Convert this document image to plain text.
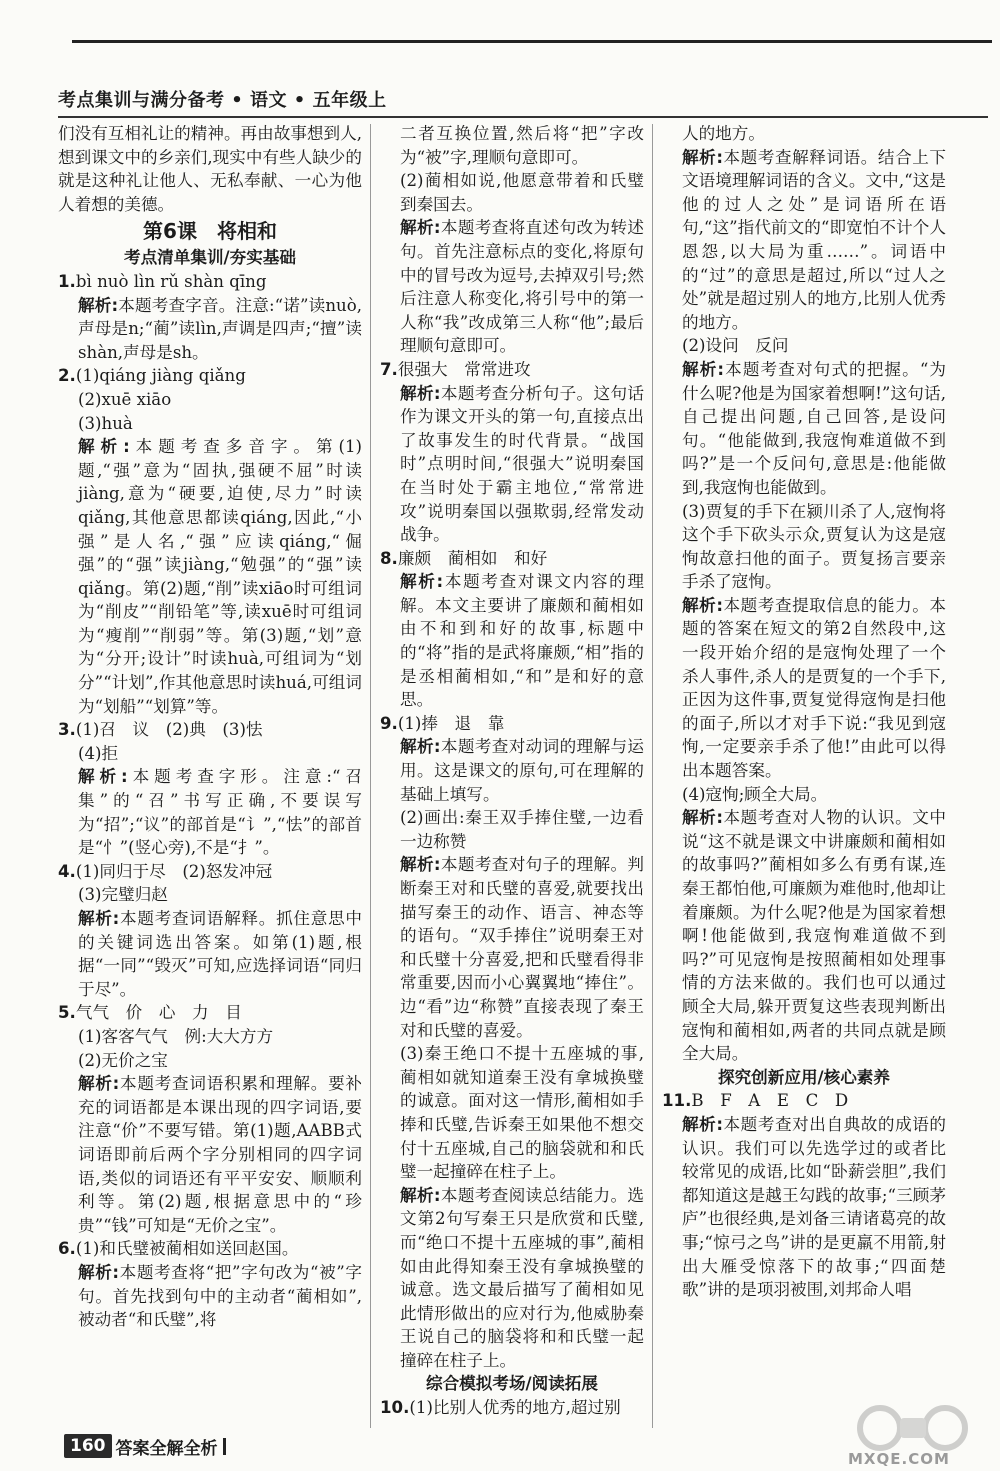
考点集训与满分备考 • 语文 • 五年级上

们没有互相礼让的精神。再由故事想到人,想到课文中的乡亲们,现实中有些人缺少的就是这种礼让他人、无私奉献、一心为他人着想的美德。

第6课　将相和

考点清单集训/夯实基础

1.bì nuò lìn rǔ shàn qīng

解析:本题考查字音。注意:“诺”读nuò,声母是n;“蔺”读lìn,声调是四声;“擅”读shàn,声母是sh。

2.(1)qiáng jiàng qiǎng

(2)xuē xiāo

(3)huà

解析:本题考查多音字。第(1)题,“强”意为“固执,强硬不屈”时读jiàng,意为“硬要,迫使,尽力”时读qiǎng,其他意思都读qiáng,因此,“小强”是人名,“强”应读qiáng,“倔强”的“强”读jiàng,“勉强”的“强”读qiǎng。第(2)题,“削”读xiāo时可组词为“削皮”“削铅笔”等,读xuē时可组词为“瘦削”“削弱”等。第(3)题,“划”意为“分开;设计”时读huà,可组词为“划分”“计划”,作其他意思时读huá,可组词为“划船”“划算”等。

3.(1)召　议　(2)典　(3)怯

(4)拒

解析:本题考查字形。注意:“召集”的“召”书写正确,不要误写为“招”;“议”的部首是“讠”,“怯”的部首是“忄”(竖心旁),不是“扌”。

4.(1)同归于尽　(2)怒发冲冠

(3)完璧归赵

解析:本题考查词语解释。抓住意思中的关键词选出答案。如第(1)题,根据“一同”“毁灭”可知,应选择词语“同归于尽”。

5.气气　价　心　力　目

(1)客客气气　例:大大方方

(2)无价之宝

解析:本题考查词语积累和理解。要补充的词语都是本课出现的四字词语,要注意“价”不要写错。第(1)题,AABB式词语即前后两个字分别相同的四字词语,类似的词语还有平平安安、顺顺利利等。第(2)题,根据意思中的“珍贵”“钱”可知是“无价之宝”。

6.(1)和氏璧被蔺相如送回赵国。

解析:本题考查将“把”字句改为“被”字句。首先找到句中的主动者“蔺相如”,被动者“和氏璧”,将

二者互换位置,然后将“把”字改为“被”字,理顺句意即可。

(2)蔺相如说,他愿意带着和氏璧到秦国去。

解析:本题考查将直述句改为转述句。首先注意标点的变化,将原句中的冒号改为逗号,去掉双引号;然后注意人称变化,将引号中的第一人称“我”改成第三人称“他”;最后理顺句意即可。

7.很强大　常常进攻

解析:本题考查分析句子。这句话作为课文开头的第一句,直接点出了故事发生的时代背景。“战国时”点明时间,“很强大”说明秦国在当时处于霸主地位,“常常进攻”说明秦国以强欺弱,经常发动战争。

8.廉颇　蔺相如　和好

解析:本题考查对课文内容的理解。本文主要讲了廉颇和蔺相如由不和到和好的故事,标题中的“将”指的是武将廉颇,“相”指的是丞相蔺相如,“和”是和好的意思。

9.(1)捧　退　靠

解析:本题考查对动词的理解与运用。这是课文的原句,可在理解的基础上填写。

(2)画出:秦王双手捧住璧,一边看一边称赞

解析:本题考查对句子的理解。判断秦王对和氏璧的喜爱,就要找出描写秦王的动作、语言、神态等的语句。“双手捧住”说明秦王对和氏璧十分喜爱,把和氏璧看得非常重要,因而小心翼翼地“捧住”。边“看”边“称赞”直接表现了秦王对和氏璧的喜爱。

(3)秦王绝口不提十五座城的事,蔺相如就知道秦王没有拿城换璧的诚意。面对这一情形,蔺相如手捧和氏璧,告诉秦王如果他不想交付十五座城,自己的脑袋就和和氏璧一起撞碎在柱子上。

解析:本题考查阅读总结能力。选文第2句写秦王只是欣赏和氏璧,而“绝口不提十五座城的事”,蔺相如由此得知秦王没有拿城换璧的诚意。选文最后描写了蔺相如见此情形做出的应对行为,他威胁秦王说自己的脑袋将和和氏璧一起撞碎在柱子上。

综合模拟考场/阅读拓展

10.(1)比别人优秀的地方,超过别

人的地方。

解析:本题考查解释词语。结合上下文语境理解词语的含义。文中,“这是他的过人之处”是词语所在语句,“这”指代前文的“即宽怕不计个人恩怨,以大局为重……”。词语中的“过”的意思是超过,所以“过人之处”就是超过别人的地方,比别人优秀的地方。

(2)设问　反问

解析:本题考查对句式的把握。“为什么呢?他是为国家着想啊!”这句话,自己提出问题,自己回答,是设问句。“他能做到,我寇恂难道做不到吗?”是一个反问句,意思是:他能做到,我寇恂也能做到。

(3)贾复的手下在颍川杀了人,寇恂将这个手下砍头示众,贾复认为这是寇恂故意扫他的面子。贾复扬言要亲手杀了寇恂。

解析:本题考查提取信息的能力。本题的答案在短文的第2自然段中,这一段开始介绍的是寇恂处理了一个杀人事件,杀人的是贾复的一个手下,正因为这件事,贾复觉得寇恂是扫他的面子,所以才对手下说:“我见到寇恂,一定要亲手杀了他!”由此可以得出本题答案。

(4)寇恂;顾全大局。

解析:本题考查对人物的认识。文中说“这不就是课文中讲廉颇和蔺相如的故事吗?”蔺相如多么有勇有谋,连秦王都怕他,可廉颇为难他时,他却让着廉颇。为什么呢?他是为国家着想啊!他能做到,我寇恂难道做不到吗?”可见寇恂是按照蔺相如处理事情的方法来做的。我们也可以通过顾全大局,躲开贾复这些表现判断出寇恂和蔺相如,两者的共同点就是顾全大局。

探究创新应用/核心素养

11.B　F　A　E　C　D

解析:本题考查对出自典故的成语的认识。我们可以先选学过的或者比较常见的成语,比如“卧薪尝胆”,我们都知道这是越王勾践的故事;“三顾茅庐”也很经典,是刘备三请诸葛亮的故事;“惊弓之鸟”讲的是更羸不用箭,射出大雁受惊落下的故事;“四面楚歌”讲的是项羽被围,刘邦命人唱

160 答案全解全析
MXQE.COM
